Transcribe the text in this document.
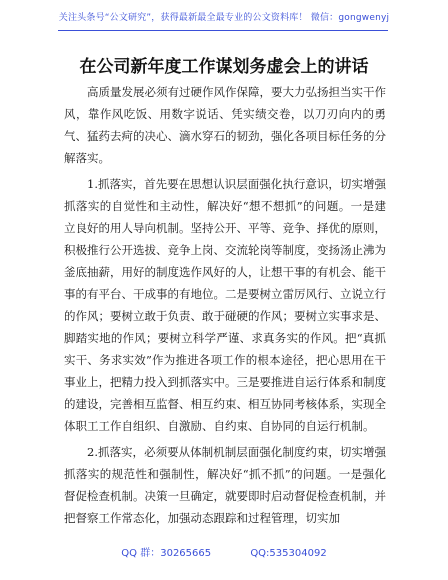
关注头条号“公文研究”，获得最新最全最专业的公文资料库！ 微信：gongwenyj
在公司新年度工作谋划务虚会上的讲话

高质量发展必须有过硬作风作保障，要大力弘扬担当实干作风，靠作风吃饭、用数字说话、凭实绩交卷，以刀刃向内的勇气、猛药去疴的决心、滴水穿石的韧劲，强化各项目标任务的分解落实。

1.抓落实，首先要在思想认识层面强化执行意识，切实增强抓落实的自觉性和主动性，解决好“想不想抓”的问题。一是建立良好的用人导向机制。坚持公开、平等、竞争、择优的原则，积极推行公开选拔、竞争上岗、交流轮岗等制度，变扬汤止沸为釜底抽薪，用好的制度选作风好的人，让想干事的有机会、能干事的有平台、干成事的有地位。二是要树立雷厉风行、立说立行的作风；要树立敢于负责、敢于碰硬的作风；要树立实事求是、脚踏实地的作风；要树立科学严谨、求真务实的作风。把“真抓实干、务求实效”作为推进各项工作的根本途径，把心思用在干事业上，把精力投入到抓落实中。三是要推进自运行体系和制度的建设，完善相互监督、相互约束、相互协同考核体系，实现全体职工工作自组织、自激励、自约束、自协同的自运行机制。

2.抓落实，必须要从体制机制层面强化制度约束，切实增强抓落实的规范性和强制性，解决好“抓不抓”的问题。一是强化督促检查机制。决策一旦确定，就要即时启动督促检查机制，并把督察工作常态化，加强动态跟踪和过程管理，切实加

QQ 群：30265665	QQ:535304092
